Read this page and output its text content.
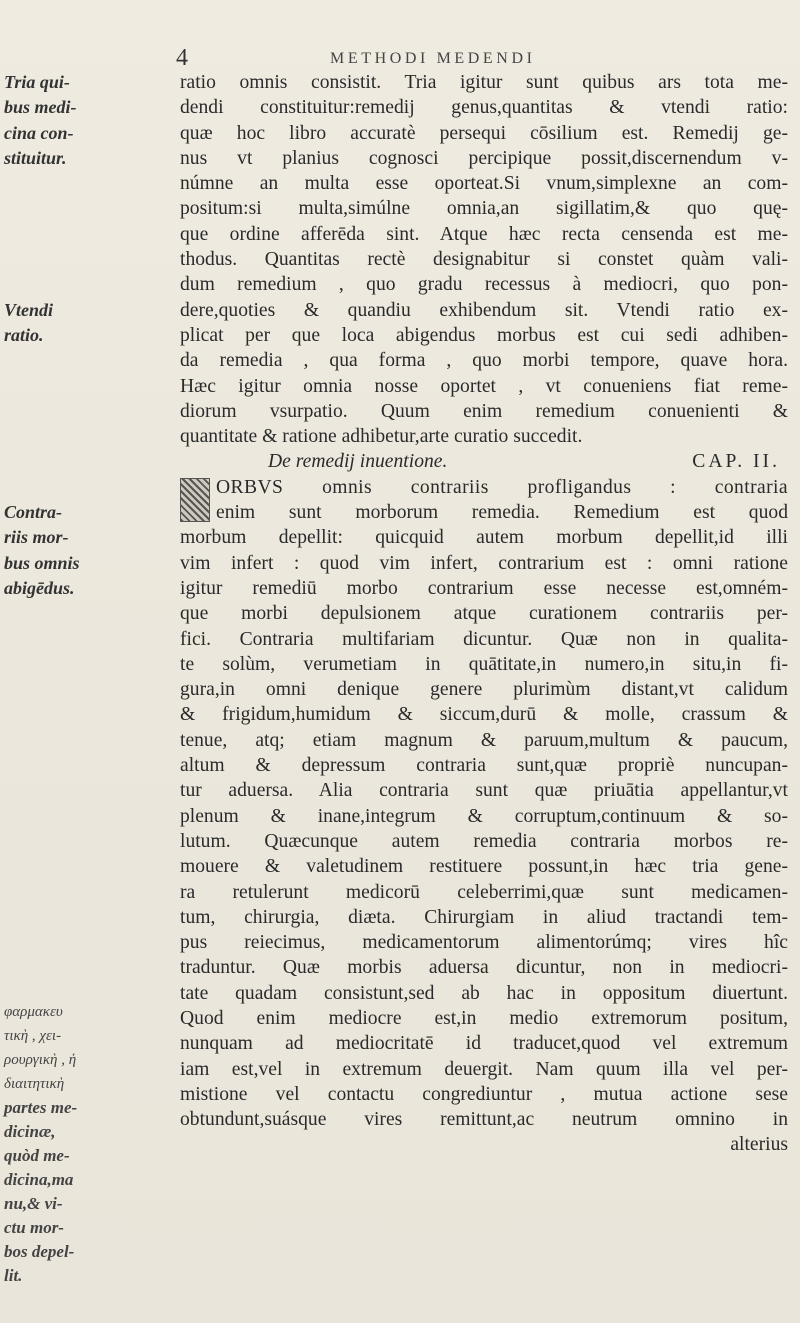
4	METHODI MEDENDI
Tria qui-
bus medi-
cina con-
stituitur.
Vtendi
ratio.
Contra-
riis mor-
bus omnis
abigēdus.
φαρμακευ
τικὴ , χει-
ρουργικὴ , ἡ
διαιτητικὴ
partes me-
dicinæ,
quòd me-
dicina,ma
nu,& vi-
ctu mor-
bos depel-
lit.
ratio omnis consistit. Tria igitur sunt quibus ars tota me-
dendi constituitur:remedij genus,quantitas & vtendi ratio:
quæ hoc libro accuratè persequi cōsilium est. Remedij ge-
nus vt planius cognosci percipique possit,discernendum v-
númne an multa esse oporteat.Si vnum,simplexne an com-
positum:si multa,simúlne omnia,an sigillatim,& quo quę-
que ordine afferēda sint. Atque hæc recta censenda est me-
thodus. Quantitas rectè designabitur si constet quàm vali-
dum remedium , quo gradu recessus à mediocri, quo pon-
dere,quoties & quandiu exhibendum sit. Vtendi ratio ex-
plicat per que loca abigendus morbus est cui sedi adhiben-
da remedia , qua forma , quo morbi tempore, quave hora.
Hæc igitur omnia nosse oportet , vt conueniens fiat reme-
diorum vsurpatio. Quum enim remedium conuenienti &
quantitate & ratione adhibetur,arte curatio succedit.
De remedij inuentione.	CAP. II.
ORBVS omnis contrariis profligandus : contraria
enim sunt morborum remedia. Remedium est quod
morbum depellit: quicquid autem morbum depellit,id illi
vim infert : quod vim infert, contrarium est : omni ratione
igitur remediū morbo contrarium esse necesse est,omném-
que morbi depulsionem atque curationem contrariis per-
fici. Contraria multifariam dicuntur. Quæ non in qualita-
te solùm, verumetiam in quātitate,in numero,in situ,in fi-
gura,in omni denique genere plurimùm distant,vt calidum
& frigidum,humidum & siccum,durū & molle, crassum &
tenue, atq; etiam magnum & paruum,multum & paucum,
altum & depressum contraria sunt,quæ propriè nuncupan-
tur aduersa. Alia contraria sunt quæ priuātia appellantur,vt
plenum & inane,integrum & corruptum,continuum & so-
lutum. Quæcunque autem remedia contraria morbos re-
mouere & valetudinem restituere possunt,in hæc tria gene-
ra retulerunt medicorū celeberrimi,quæ sunt medicamen-
tum, chirurgia, diæta. Chirurgiam in aliud tractandi tem-
pus reiecimus, medicamentorum alimentorúmq; vires hîc
traduntur. Quæ morbis aduersa dicuntur, non in mediocri-
tate quadam consistunt,sed ab hac in oppositum diuertunt.
Quod enim mediocre est,in medio extremorum positum,
nunquam ad mediocritatē id traducet,quod vel extremum
iam est,vel in extremum deuergit. Nam quum illa vel per-
mistione vel contactu congrediuntur , mutua actione sese
obtundunt,suásque vires remittunt,ac neutrum omnino in
alterius
